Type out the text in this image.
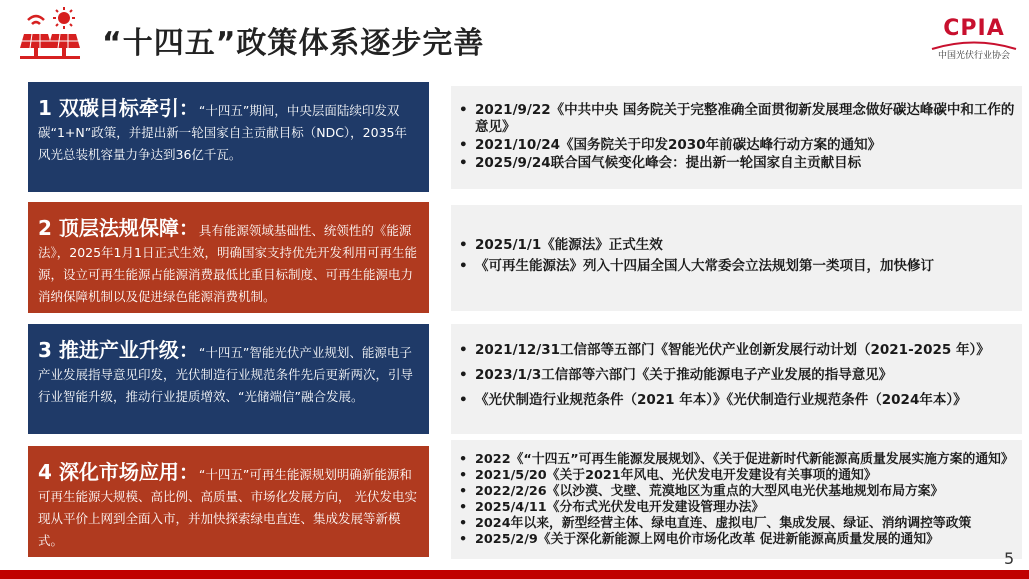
“十四五”政策体系逐步完善	CPIA
中国光伏行业协会
1 双碳目标牵引：“十四五”期间，中央层面陆续印发双碳“1+N”政策，并提出新一轮国家自主贡献目标（NDC），2035年风光总装机容量力争达到36亿千瓦。
• 2021/9/22《中共中央 国务院关于完整准确全面贯彻新发展理念做好碳达峰碳中和工作的意见》
• 2021/10/24《国务院关于印发2030年前碳达峰行动方案的通知》
• 2025/9/24联合国气候变化峰会：提出新一轮国家自主贡献目标
2 顶层法规保障：具有能源领域基础性、统领性的《能源法》，2025年1月1日正式生效，明确国家支持优先开发利用可再生能源，设立可再生能源占能源消费最低比重目标制度、可再生能源电力消纳保障机制以及促进绿色能源消费机制。
• 2025/1/1《能源法》正式生效
• 《可再生能源法》列入十四届全国人大常委会立法规划第一类项目，加快修订
3 推进产业升级：“十四五”智能光伏产业规划、能源电子产业发展指导意见印发，光伏制造行业规范条件先后更新两次，引导行业智能升级，推动行业提质增效、“光储端信”融合发展。
• 2021/12/31工信部等五部门《智能光伏产业创新发展行动计划（2021-2025 年）》
• 2023/1/3工信部等六部门《关于推动能源电子产业发展的指导意见》
• 《光伏制造行业规范条件（2021 年本）》《光伏制造行业规范条件（2024年本）》
4 深化市场应用：“十四五”可再生能源规划明确新能源和可再生能源大规模、高比例、高质量、市场化发展方向， 光伏发电实现从平价上网到全面入市，并加快探索绿电直连、集成发展等新模式。
• 2022《“十四五”可再生能源发展规划》、《关于促进新时代新能源高质量发展实施方案的通知》
• 2021/5/20《关于2021年风电、光伏发电开发建设有关事项的通知》
• 2022/2/26《以沙漠、戈壁、荒漠地区为重点的大型风电光伏基地规划布局方案》
• 2025/4/11《分布式光伏发电开发建设管理办法》
• 2024年以来，新型经营主体、绿电直连、虚拟电厂、集成发展、绿证、消纳调控等政策
• 2025/2/9《关于深化新能源上网电价市场化改革 促进新能源高质量发展的通知》
5
